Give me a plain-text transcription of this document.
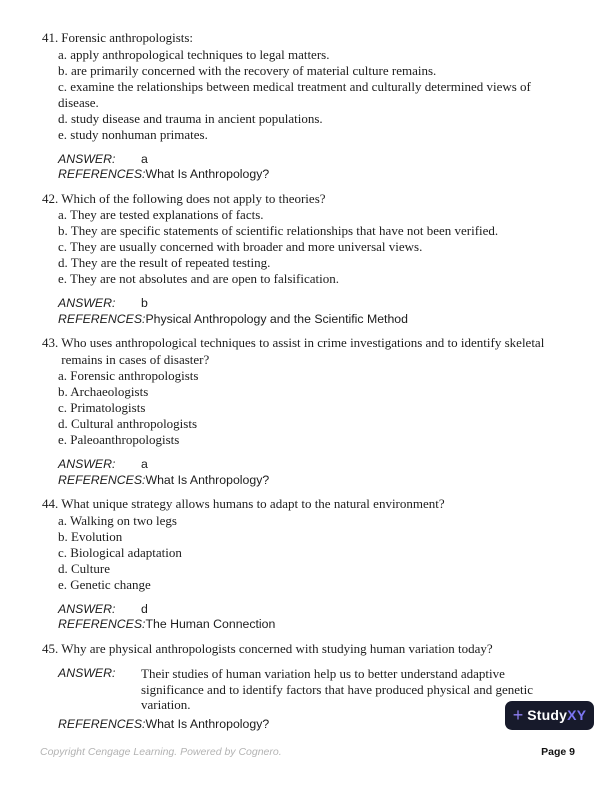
41. Forensic anthropologists:
a. apply anthropological techniques to legal matters.
b. are primarily concerned with the recovery of material culture remains.
c. examine the relationships between medical treatment and culturally determined views of disease.
d. study disease and trauma in ancient populations.
e. study nonhuman primates.
ANSWER:	a
REFERENCES: What Is Anthropology?
42. Which of the following does not apply to theories?
a. They are tested explanations of facts.
b. They are specific statements of scientific relationships that have not been verified.
c. They are usually concerned with broader and more universal views.
d. They are the result of repeated testing.
e. They are not absolutes and are open to falsification.
ANSWER:	b
REFERENCES: Physical Anthropology and the Scientific Method
43. Who uses anthropological techniques to assist in crime investigations and to identify skeletal remains in cases of disaster?
a. Forensic anthropologists
b. Archaeologists
c. Primatologists
d. Cultural anthropologists
e. Paleoanthropologists
ANSWER:	a
REFERENCES: What Is Anthropology?
44. What unique strategy allows humans to adapt to the natural environment?
a. Walking on two legs
b. Evolution
c. Biological adaptation
d. Culture
e. Genetic change
ANSWER:	d
REFERENCES: The Human Connection
45. Why are physical anthropologists concerned with studying human variation today?
ANSWER:	Their studies of human variation help us to better understand adaptive significance and to identify factors that have produced physical and genetic variation.
REFERENCES: What Is Anthropology?	+ StudyXY
Copyright Cengage Learning. Powered by Cognero.	Page 9
